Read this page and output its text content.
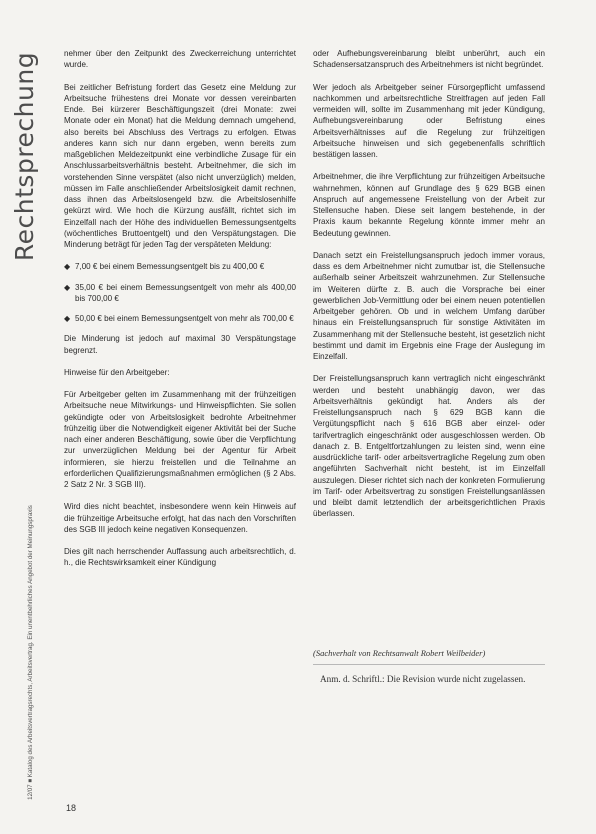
Rechtsprechung
12/07 ■ Katalog des Arbeitsvertragsrechts, Arbeitsvertrag. Ein unentbehrliches Angebot der Meinungspraxis
18

nehmer über den Zeitpunkt des Zweckerreichung unterrichtet wurde.

Bei zeitlicher Befristung fordert das Gesetz eine Meldung zur Arbeitsuche frühestens drei Monate vor dessen vereinbarten Ende. Bei kürzerer Beschäftigungszeit (drei Monate: zwei Monate oder ein Monat) hat die Meldung demnach umgehend, also bereits bei Abschluss des Vertrags zu erfolgen. Etwas anderes kann sich nur dann ergeben, wenn bereits zum maßgeblichen Meldezeitpunkt eine verbindliche Zusage für ein Anschlussarbeitsverhältnis besteht. Arbeitnehmer, die sich im vorstehenden Sinne verspätet (also nicht unverzüglich) melden, müssen im Falle anschließender Arbeitslosigkeit damit rechnen, dass ihnen das Arbeitslosengeld bzw. die Arbeitslosenhilfe gekürzt wird. Wie hoch die Kürzung ausfällt, richtet sich im Einzelfall nach der Höhe des individuellen Bemessungsentgelts (wöchentliches Bruttoentgelt) und den Verspätungstagen. Die Minderung beträgt für jeden Tag der verspäteten Meldung:

◆ 7,00 € bei einem Bemessungsentgelt bis zu 400,00 €
◆ 35,00 € bei einem Bemessungsentgelt von mehr als 400,00 bis 700,00 €
◆ 50,00 € bei einem Bemessungsentgelt von mehr als 700,00 €

Die Minderung ist jedoch auf maximal 30 Verspätungstage begrenzt.

Hinweise für den Arbeitgeber:

Für Arbeitgeber gelten im Zusammenhang mit der frühzeitigen Arbeitsuche neue Mitwirkungs- und Hinweispflichten. Sie sollen gekündigte oder von Arbeitslosigkeit bedrohte Arbeitnehmer frühzeitig über die Notwendigkeit eigener Aktivität bei der Suche nach einer anderen Beschäftigung, sowie über die Verpflichtung zur unverzüglichen Meldung bei der Agentur für Arbeit informieren, sie hierzu freistellen und die Teilnahme an erforderlichen Qualifizierungsmaßnahmen ermöglichen (§ 2 Abs. 2 Satz 2 Nr. 3 SGB III).

Wird dies nicht beachtet, insbesondere wenn kein Hinweis auf die frühzeitige Arbeitsuche erfolgt, hat das nach den Vorschriften des SGB III jedoch keine negativen Konsequenzen.

Dies gilt nach herrschender Auffassung auch arbeitsrechtlich, d. h., die Rechtswirksamkeit einer Kündigung

oder Aufhebungsvereinbarung bleibt unberührt, auch ein Schadensersatzanspruch des Arbeitnehmers ist nicht begründet.

Wer jedoch als Arbeitgeber seiner Fürsorgepflicht umfassend nachkommen und arbeitsrechtliche Streitfragen auf jeden Fall vermeiden will, sollte im Zusammenhang mit jeder Kündigung, Aufhebungsvereinbarung oder Befristung eines Arbeitsverhältnisses auf die Regelung zur frühzeitigen Arbeitsuche hinweisen und sich gegebenenfalls schriftlich bestätigen lassen.

Arbeitnehmer, die ihre Verpflichtung zur frühzeitigen Arbeitsuche wahrnehmen, können auf Grundlage des § 629 BGB einen Anspruch auf angemessene Freistellung von der Arbeit zur Stellensuche haben. Diese seit langem bestehende, in der Praxis kaum bekannte Regelung könnte immer mehr an Bedeutung gewinnen.

Danach setzt ein Freistellungsanspruch jedoch immer voraus, dass es dem Arbeitnehmer nicht zumutbar ist, die Stellensuche außerhalb seiner Arbeitszeit wahrzunehmen. Zur Stellensuche im Weiteren dürfte z. B. auch die Vorsprache bei einer gewerblichen Job-Vermittlung oder bei einem neuen potentiellen Arbeitgeber gehören. Ob und in welchem Umfang darüber hinaus ein Freistellungsanspruch für sonstige Aktivitäten im Zusammenhang mit der Stellensuche besteht, ist gesetzlich nicht bestimmt und damit im Ergebnis eine Frage der Auslegung im Einzelfall.

Der Freistellungsanspruch kann vertraglich nicht eingeschränkt werden und besteht unabhängig davon, wer das Arbeitsverhältnis gekündigt hat. Anders als der Freistellungsanspruch nach § 629 BGB kann die Vergütungspflicht nach § 616 BGB aber einzel- oder tarifvertraglich eingeschränkt oder ausgeschlossen werden. Ob danach z. B. Entgeltfortzahlungen zu leisten sind, wenn eine ausdrückliche tarif- oder arbeitsvertragliche Regelung zum oben angeführten Sachverhalt nicht besteht, ist im Einzelfall auszulegen. Dieser richtet sich nach der konkreten Formulierung im Tarif- oder Arbeitsvertrag zu sonstigen Freistellungsanlässen und bleibt damit letztendlich der arbeitsgerichtlichen Praxis überlassen.

(Sachverhalt von Rechtsanwalt Robert Weilbeider)
Anm. d. Schriftl.: Die Revision wurde nicht zugelassen.
